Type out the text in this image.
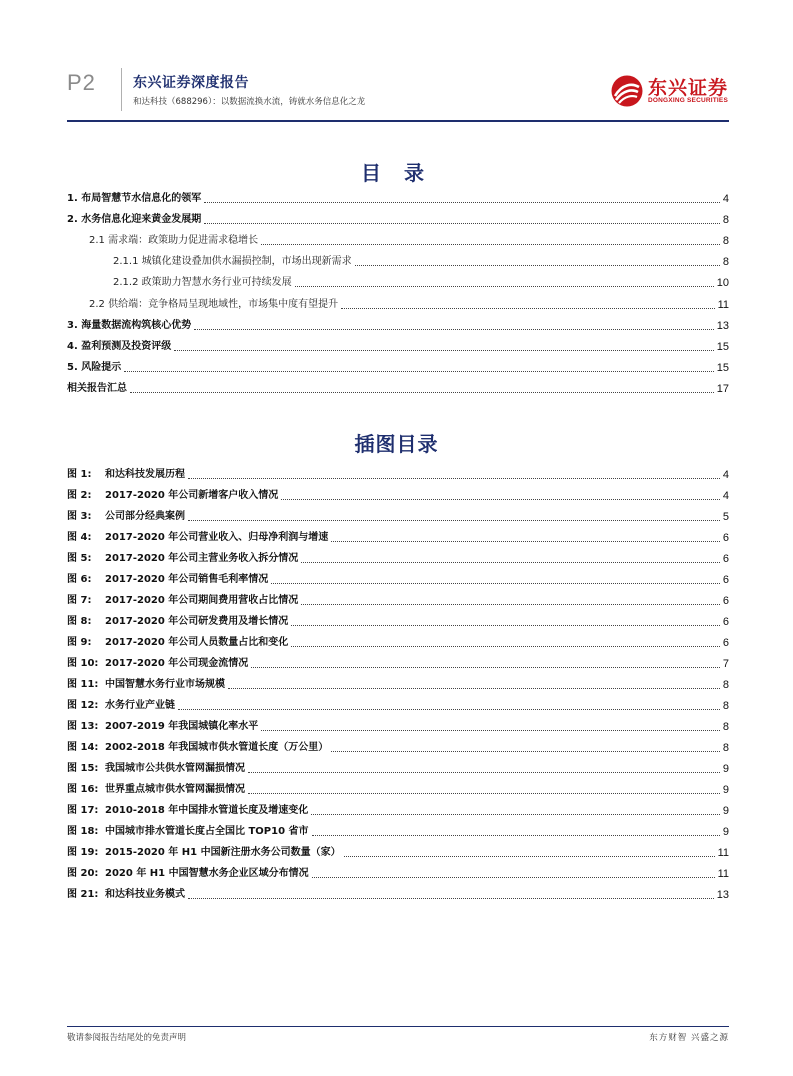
P2	东兴证券深度报告
和达科技（688296）：以数据流换水流，铸就水务信息化之龙
东兴证券
DONGXING SECURITIES
目 录
1. 布局智慧节水信息化的领军	4
2. 水务信息化迎来黄金发展期	8
2.1 需求端：政策助力促进需求稳增长	8
2.1.1 城镇化建设叠加供水漏损控制，市场出现新需求	8
2.1.2 政策助力智慧水务行业可持续发展	10
2.2 供给端：竞争格局呈现地域性，市场集中度有望提升	11
3. 海量数据流构筑核心优势	13
4. 盈利预测及投资评级	15
5. 风险提示	15
相关报告汇总	17
插图目录
图 1:	和达科技发展历程	4
图 2:	2017-2020 年公司新增客户收入情况	4
图 3:	公司部分经典案例	5
图 4:	2017-2020 年公司营业收入、归母净利润与增速	6
图 5:	2017-2020 年公司主营业务收入拆分情况	6
图 6:	2017-2020 年公司销售毛利率情况	6
图 7:	2017-2020 年公司期间费用营收占比情况	6
图 8:	2017-2020 年公司研发费用及增长情况	6
图 9:	2017-2020 年公司人员数量占比和变化	6
图 10: 2017-2020 年公司现金流情况	7
图 11: 中国智慧水务行业市场规模	8
图 12: 水务行业产业链	8
图 13: 2007-2019 年我国城镇化率水平	8
图 14: 2002-2018 年我国城市供水管道长度（万公里）	8
图 15: 我国城市公共供水管网漏损情况	9
图 16: 世界重点城市供水管网漏损情况	9
图 17: 2010-2018 年中国排水管道长度及增速变化	9
图 18: 中国城市排水管道长度占全国比 TOP10 省市	9
图 19: 2015-2020 年 H1 中国新注册水务公司数量（家）	11
图 20: 2020 年 H1 中国智慧水务企业区域分布情况	11
图 21: 和达科技业务模式	13
敬请参阅报告结尾处的免责声明	东方财智 兴盛之源
